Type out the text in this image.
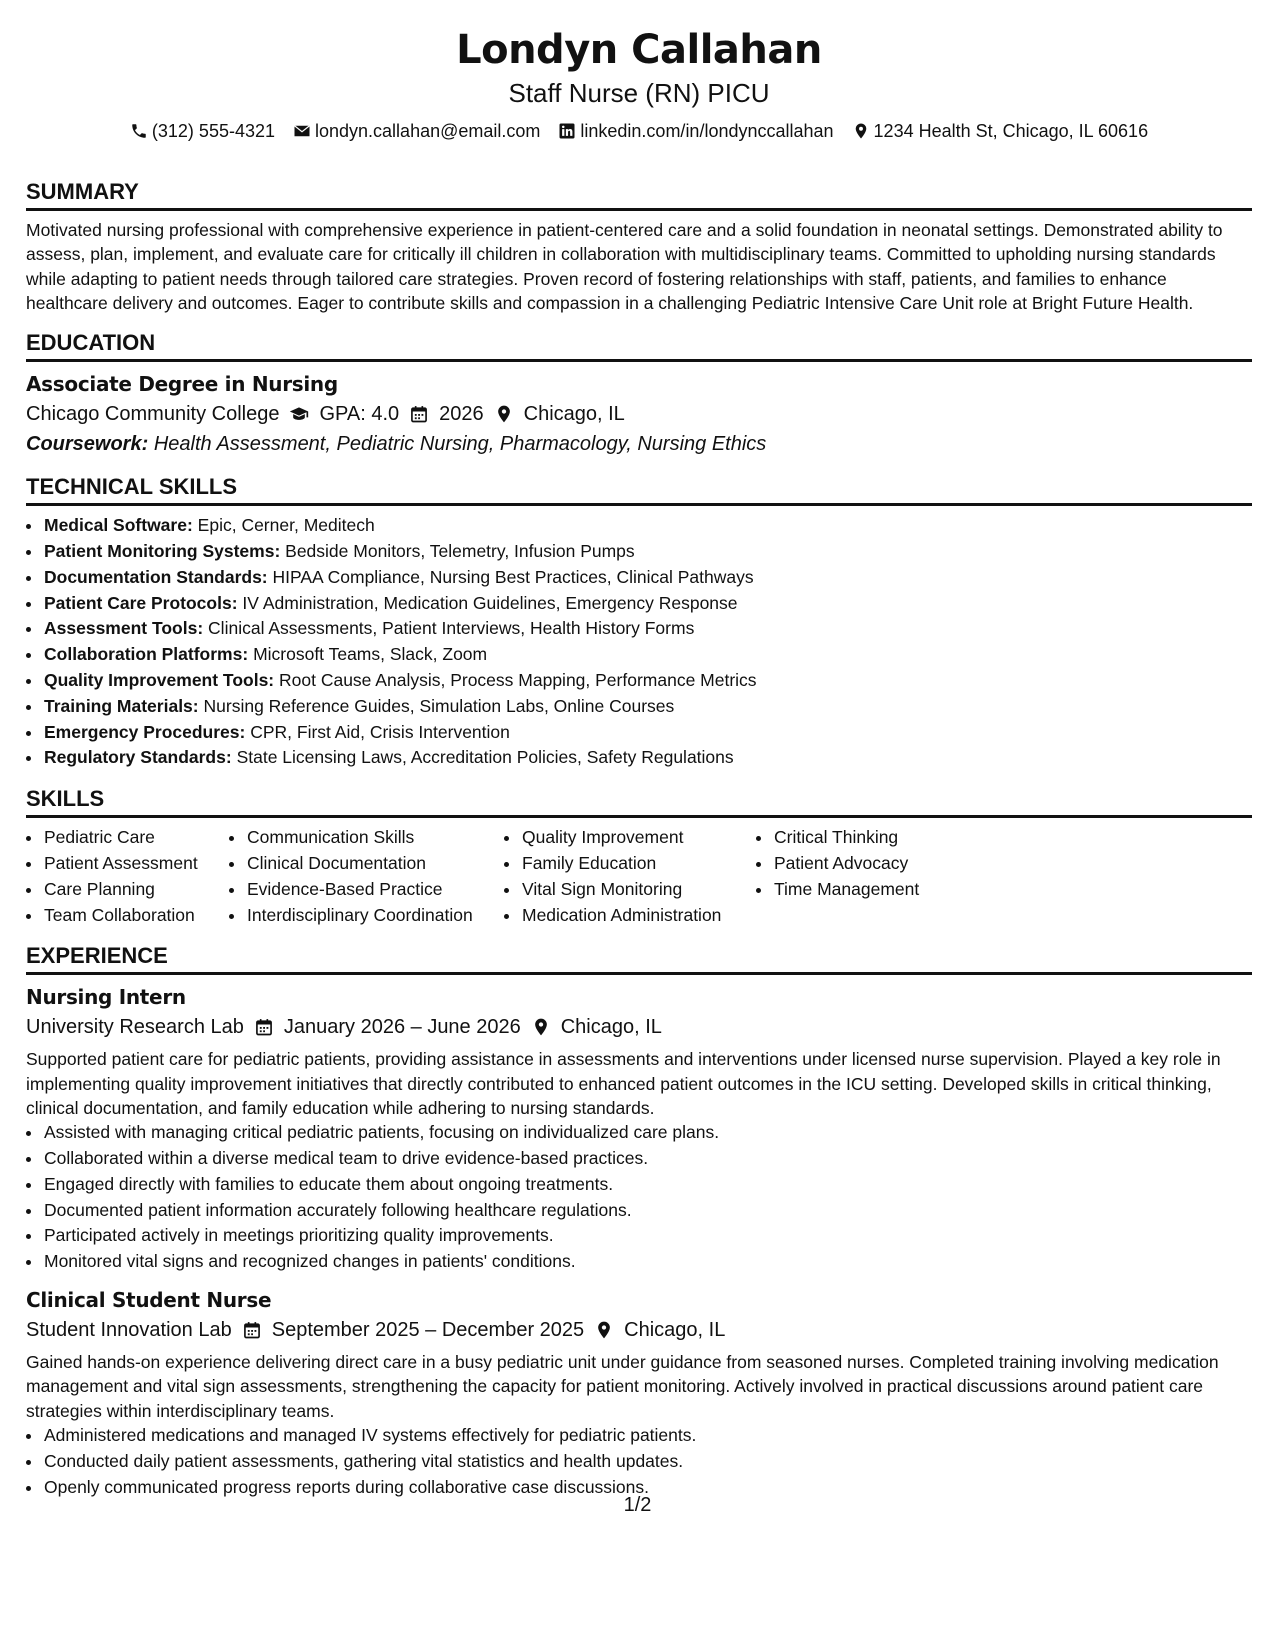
Londyn Callahan
Staff Nurse (RN) PICU
(312) 555-4321 londyn.callahan@email.com linkedin.com/in/londynccallahan 1234 Health St, Chicago, IL 60616
SUMMARY

Motivated nursing professional with comprehensive experience in patient-centered care and a solid foundation in neonatal settings. Demonstrated ability to assess, plan, implement, and evaluate care for critically ill children in collaboration with multidisciplinary teams. Committed to upholding nursing standards while adapting to patient needs through tailored care strategies. Proven record of fostering relationships with staff, patients, and families to enhance healthcare delivery and outcomes. Eager to contribute skills and compassion in a challenging Pediatric Intensive Care Unit role at Bright Future Health.

EDUCATION
Associate Degree in Nursing
Chicago Community College GPA: 4.0 2026 Chicago, IL
Coursework: Health Assessment, Pediatric Nursing, Pharmacology, Nursing Ethics
TECHNICAL SKILLS
• Medical Software: Epic, Cerner, Meditech
• Patient Monitoring Systems: Bedside Monitors, Telemetry, Infusion Pumps
• Documentation Standards: HIPAA Compliance, Nursing Best Practices, Clinical Pathways
• Patient Care Protocols: IV Administration, Medication Guidelines, Emergency Response
• Assessment Tools: Clinical Assessments, Patient Interviews, Health History Forms
• Collaboration Platforms: Microsoft Teams, Slack, Zoom
• Quality Improvement Tools: Root Cause Analysis, Process Mapping, Performance Metrics
• Training Materials: Nursing Reference Guides, Simulation Labs, Online Courses
• Emergency Procedures: CPR, First Aid, Crisis Intervention
• Regulatory Standards: State Licensing Laws, Accreditation Policies, Safety Regulations
SKILLS
• Pediatric Care
• Patient Assessment
• Care Planning
• Team Collaboration
• Communication Skills
• Clinical Documentation
• Evidence-Based Practice
• Interdisciplinary Coordination
• Quality Improvement
• Family Education
• Vital Sign Monitoring
• Medication Administration
• Critical Thinking
• Patient Advocacy
• Time Management
EXPERIENCE
Nursing Intern
University Research Lab January 2026 – June 2026 Chicago, IL

Supported patient care for pediatric patients, providing assistance in assessments and interventions under licensed nurse supervision. Played a key role in implementing quality improvement initiatives that directly contributed to enhanced patient outcomes in the ICU setting. Developed skills in critical thinking, clinical documentation, and family education while adhering to nursing standards.

• Assisted with managing critical pediatric patients, focusing on individualized care plans.
• Collaborated within a diverse medical team to drive evidence-based practices.
• Engaged directly with families to educate them about ongoing treatments.
• Documented patient information accurately following healthcare regulations.
• Participated actively in meetings prioritizing quality improvements.
• Monitored vital signs and recognized changes in patients' conditions.
Clinical Student Nurse
Student Innovation Lab September 2025 – December 2025 Chicago, IL

Gained hands-on experience delivering direct care in a busy pediatric unit under guidance from seasoned nurses. Completed training involving medication management and vital sign assessments, strengthening the capacity for patient monitoring. Actively involved in practical discussions around patient care strategies within interdisciplinary teams.

• Administered medications and managed IV systems effectively for pediatric patients.
• Conducted daily patient assessments, gathering vital statistics and health updates.
• Openly communicated progress reports during collaborative case discussions.
1/2
